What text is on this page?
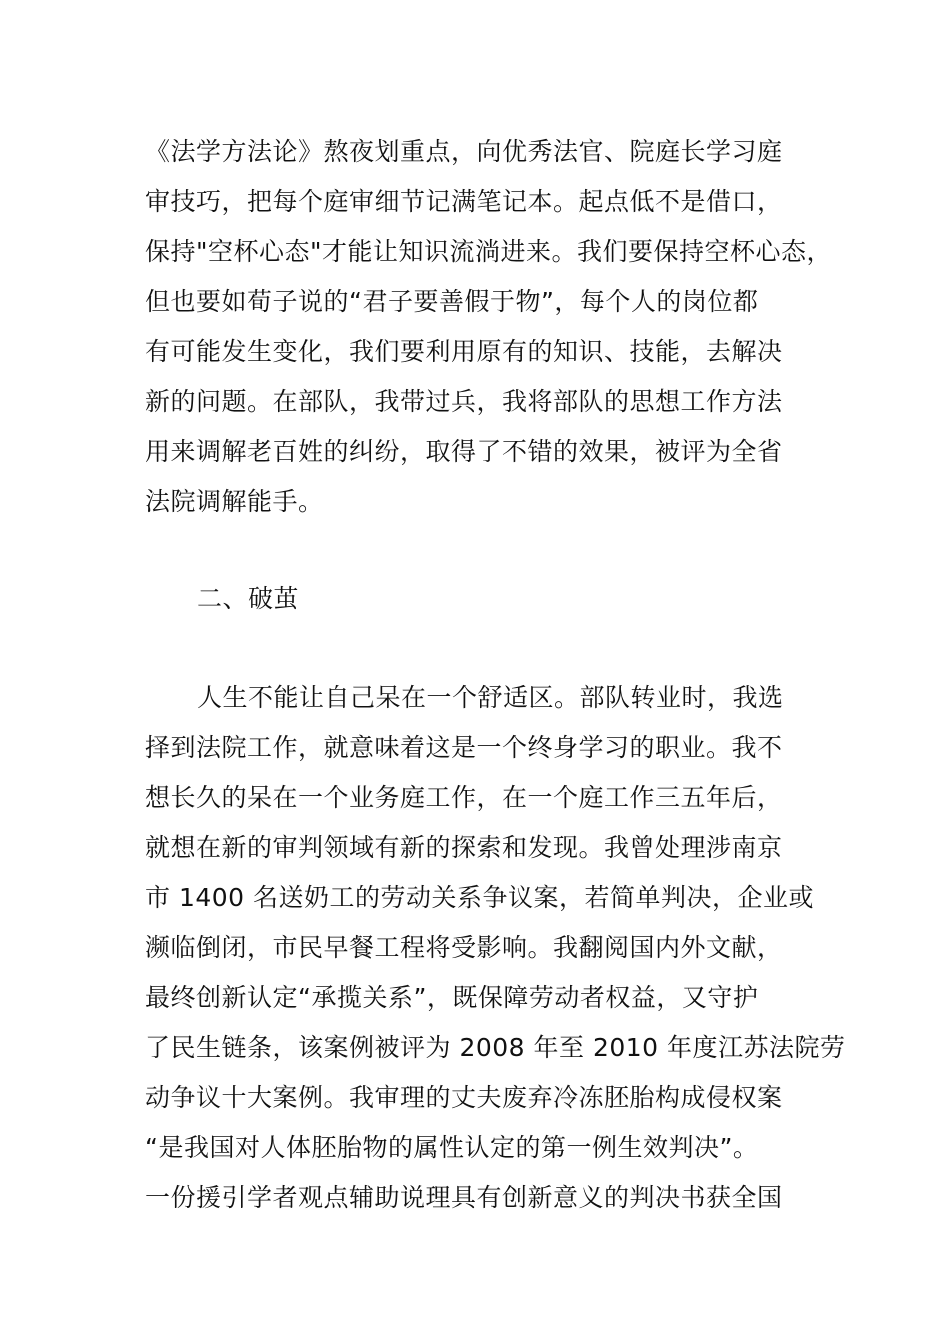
《法学方法论》熬夜划重点，向优秀法官、院庭长学习庭
审技巧，把每个庭审细节记满笔记本。起点低不是借口，
保持"空杯心态"才能让知识流淌进来。我们要保持空杯心态，
但也要如荀子说的“君子要善假于物”，每个人的岗位都
有可能发生变化，我们要利用原有的知识、技能，去解决
新的问题。在部队，我带过兵，我将部队的思想工作方法
用来调解老百姓的纠纷，取得了不错的效果，被评为全省
法院调解能手。
二、破茧
人生不能让自己呆在一个舒适区。部队转业时，我选
择到法院工作，就意味着这是一个终身学习的职业。我不
想长久的呆在一个业务庭工作，在一个庭工作三五年后，
就想在新的审判领域有新的探索和发现。我曾处理涉南京
市 1400 名送奶工的劳动关系争议案，若简单判决，企业或
濒临倒闭，市民早餐工程将受影响。我翻阅国内外文献，
最终创新认定“承揽关系”，既保障劳动者权益，又守护
了民生链条，该案例被评为 2008 年至 2010 年度江苏法院劳
动争议十大案例。我审理的丈夫废弃冷冻胚胎构成侵权案
“是我国对人体胚胎物的属性认定的第一例生效判决”。
一份援引学者观点辅助说理具有创新意义的判决书获全国
